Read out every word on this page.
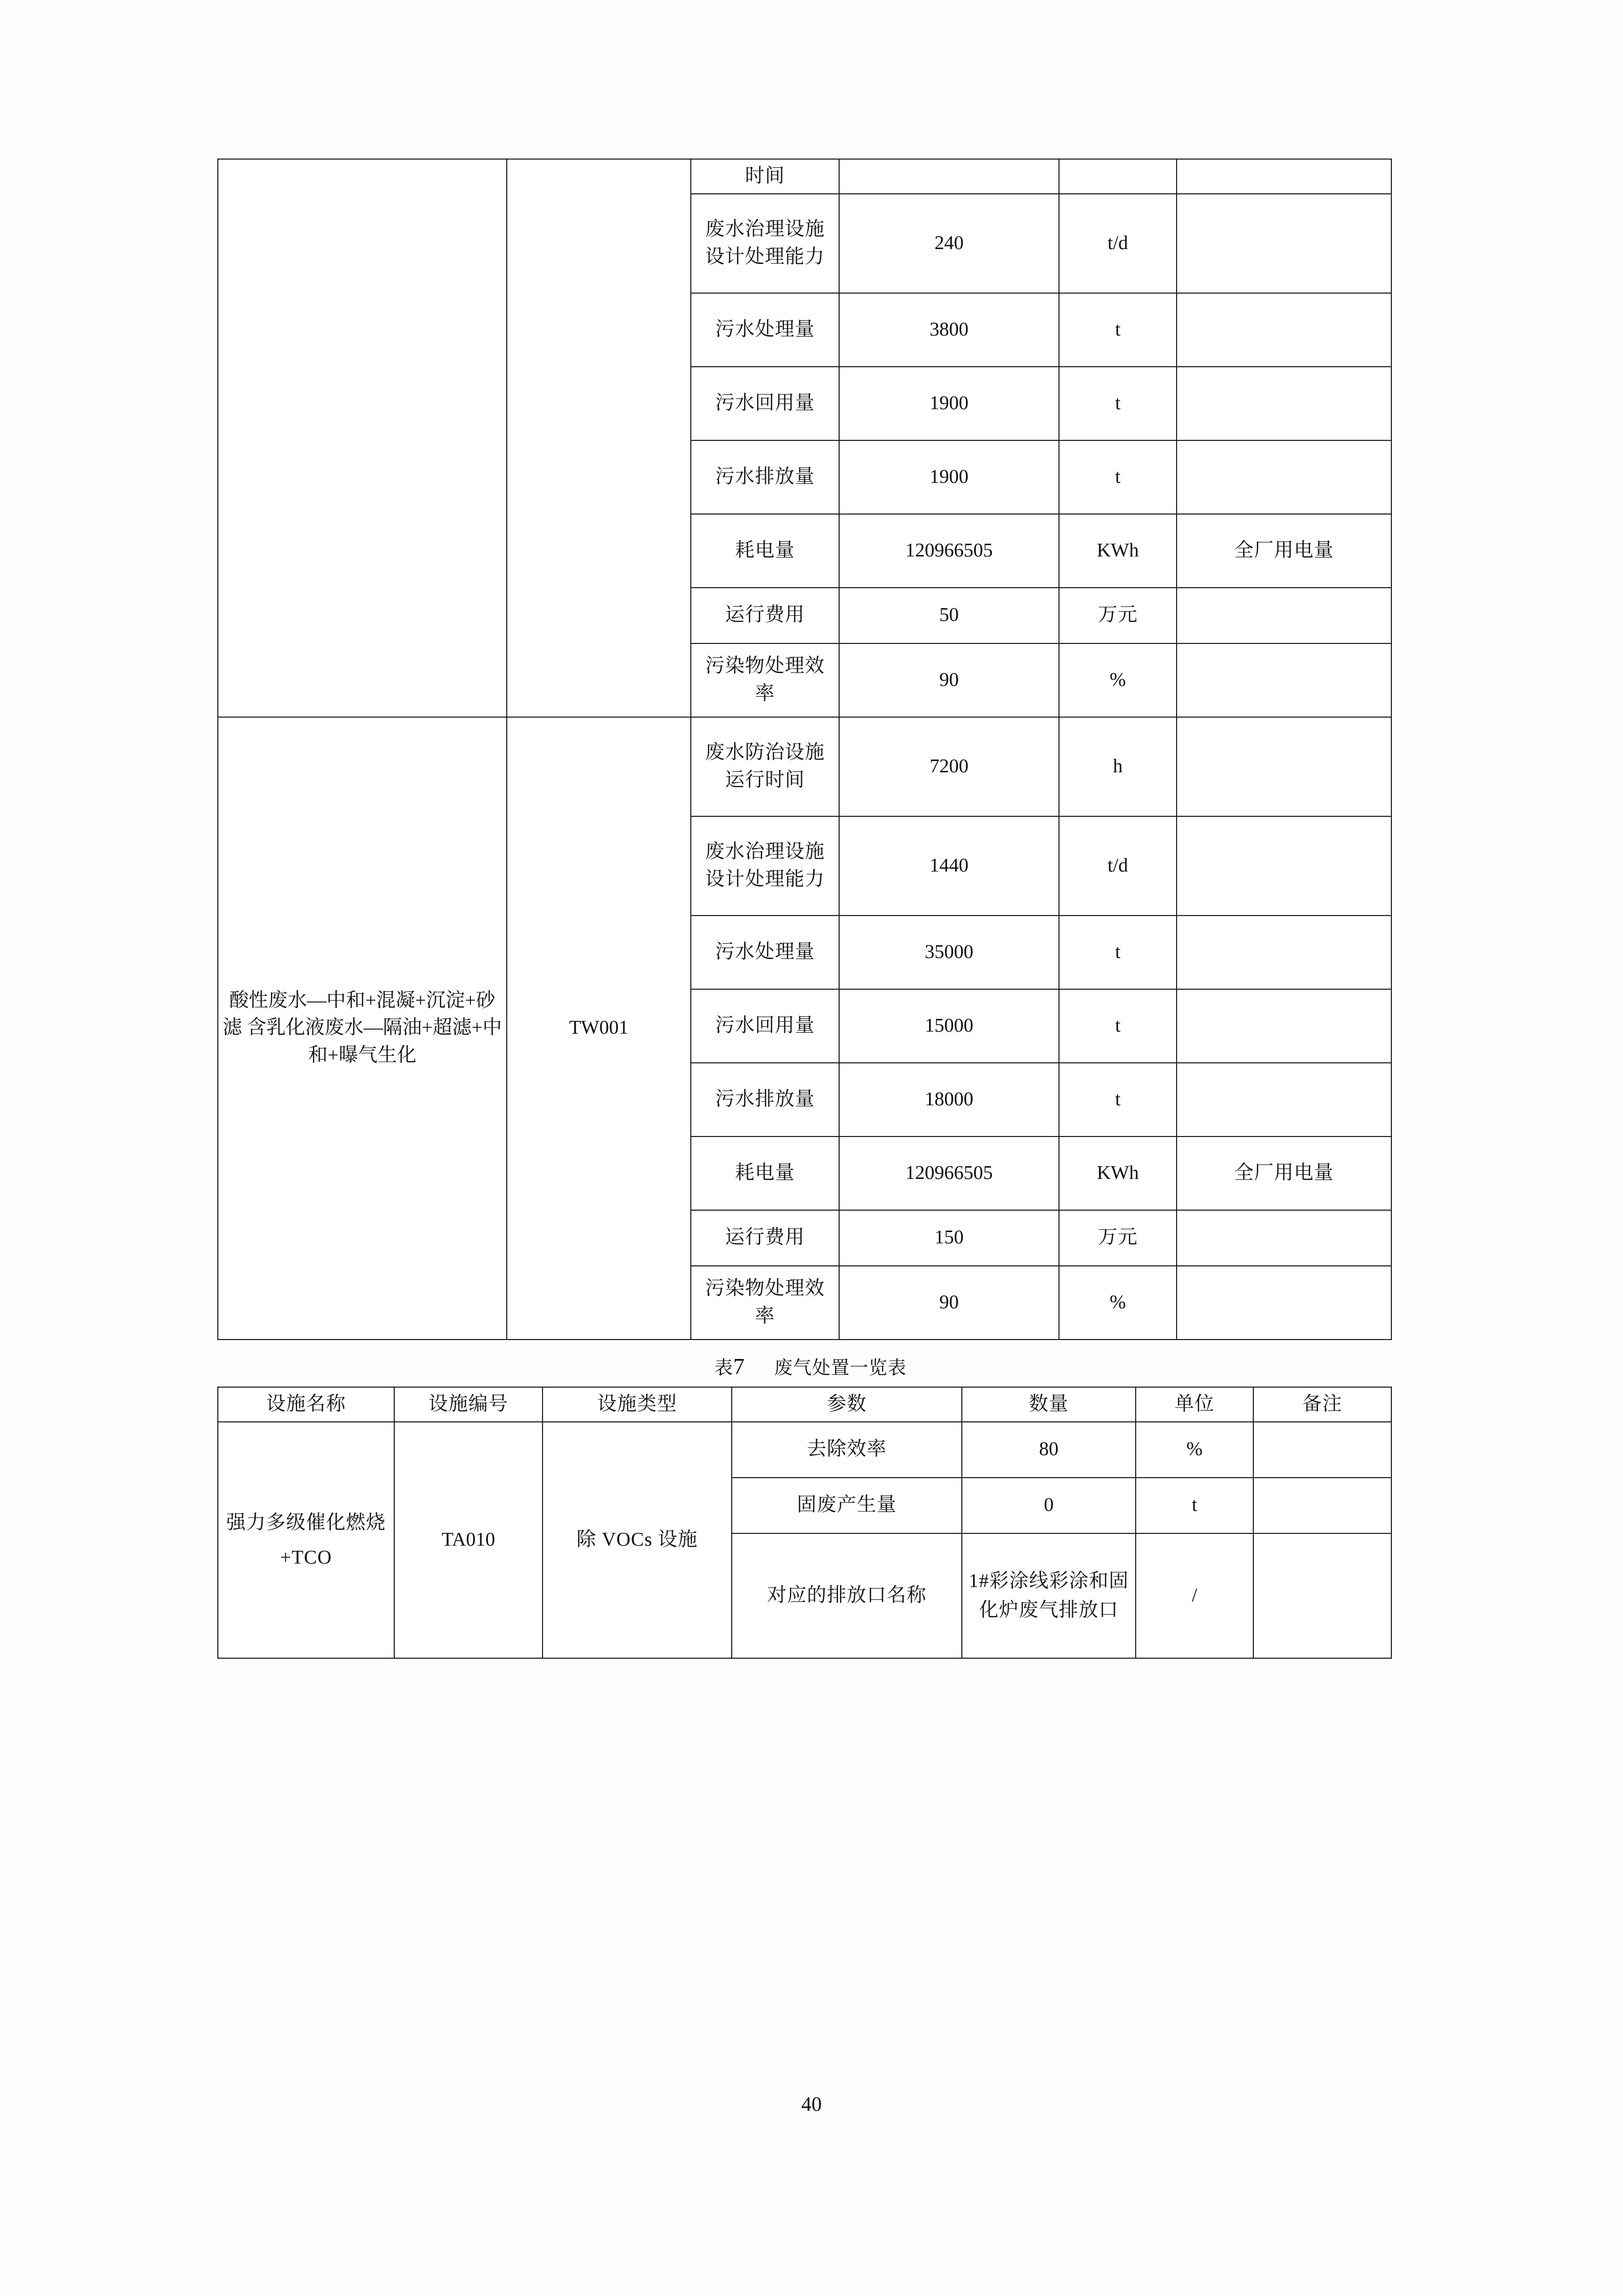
		时间			
		废水治理设施设计处理能力	240	t/d	
		污水处理量	3800	t	
		污水回用量	1900	t	
		污水排放量	1900	t	
		耗电量	120966505	KWh	全厂用电量
		运行费用	50	万元	
		污染物处理效率	90	%	
酸性废水—中和+混凝+沉淀+砂滤 含乳化液废水—隔油+超滤+中和+曝气生化	TW001	废水防治设施运行时间	7200	h	
		废水治理设施设计处理能力	1440	t/d	
		污水处理量	35000	t	
		污水回用量	15000	t	
		污水排放量	18000	t	
		耗电量	120966505	KWh	全厂用电量
		运行费用	150	万元	
		污染物处理效率	90	%	
表7 废气处置一览表
设施名称	设施编号	设施类型	参数	数量	单位	备注
强力多级催化燃烧+TCO	TA010	除 VOCs 设施	去除效率	80	%	
			固废产生量	0	t	
			对应的排放口名称	1#彩涂线彩涂和固化炉废气排放口	/	
40
